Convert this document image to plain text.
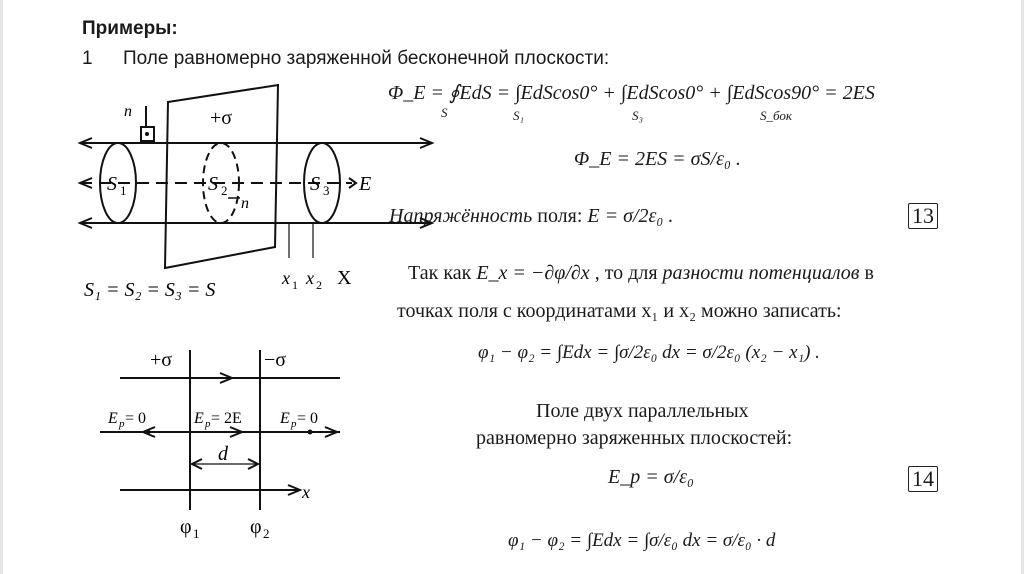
Примеры:
1 Поле равномерно заряженной бесконечной плоскости:
n	+σ
S 1	S 2	S 3
n
E
x 1 x 2 X
S₁ = S₂ = S₃ = S
+σ	−σ
E p = 0	E p = 2E E p = 0
d
x
φ 1	φ 2
Φ_E = ∮EdS = ∫EdScos0° + ∫EdScos0° + ∫EdScos90° = 2ES
S	S₁	S₃	S_бок
Φ_E = 2ES = σS/ε₀ .
Напряжённость поля: E = σ/2ε₀ .	13
Так как E_x = −∂φ/∂x , то для разности потенциалов в
точках поля с координатами x₁ и x₂ можно записать:
φ₁ − φ₂ = ∫Edx = ∫σ/2ε₀ dx = σ/2ε₀ (x₂ − x₁) .
Поле двух параллельных
равномерно заряженных плоскостей:
E_p = σ/ε₀	14
φ₁ − φ₂ = ∫Edx = ∫σ/ε₀ dx = σ/ε₀ · d
